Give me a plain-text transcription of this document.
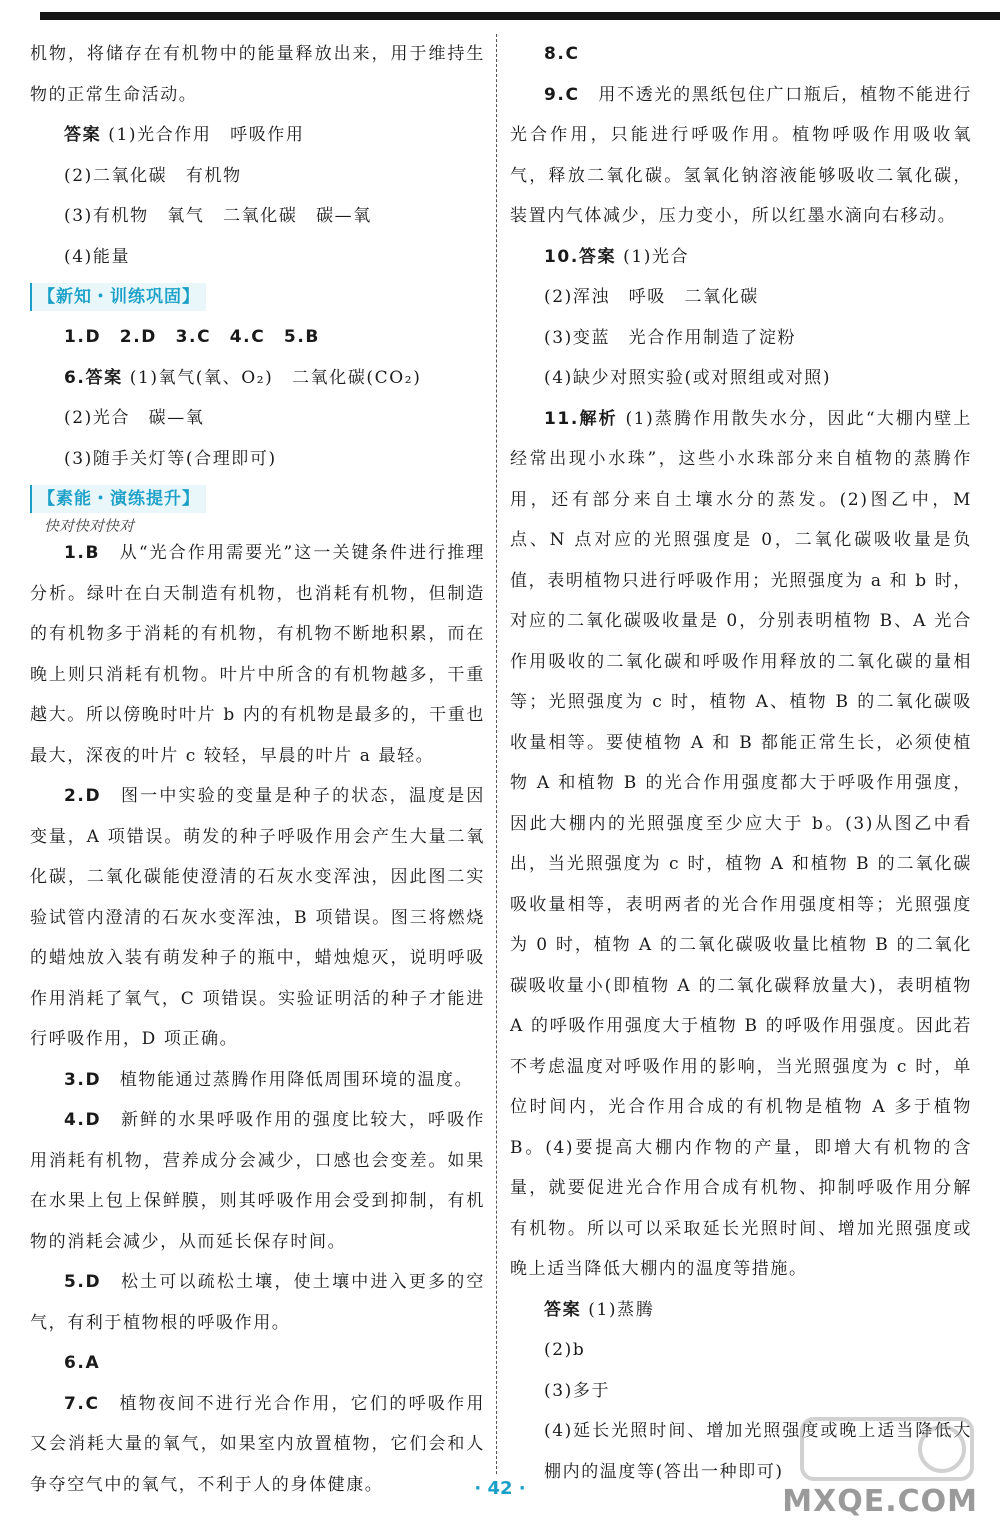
机物，将储存在有机物中的能量释放出来，用于维持生物的正常生命活动。

答案 (1)光合作用　呼吸作用

(2)二氧化碳　有机物

(3)有机物　氧气　二氧化碳　碳—氧

(4)能量

【新知・训练巩固】

1.D　2.D　3.C　4.C　5.B

6.答案 (1)氧气(氧、O₂)　二氧化碳(CO₂)

(2)光合　碳—氧

(3)随手关灯等(合理即可)

【素能・演练提升】
快对快对快对

1.B　 从“光合作用需要光”这一关键条件进行推理分析。绿叶在白天制造有机物，也消耗有机物，但制造的有机物多于消耗的有机物，有机物不断地积累，而在晚上则只消耗有机物。叶片中所含的有机物越多，干重越大。所以傍晚时叶片 b 内的有机物是最多的，干重也最大，深夜的叶片 c 较轻，早晨的叶片 a 最轻。

2.D　 图一中实验的变量是种子的状态，温度是因变量，A 项错误。萌发的种子呼吸作用会产生大量二氧化碳，二氧化碳能使澄清的石灰水变浑浊，因此图二实验试管内澄清的石灰水变浑浊，B 项错误。图三将燃烧的蜡烛放入装有萌发种子的瓶中，蜡烛熄灭，说明呼吸作用消耗了氧气，C 项错误。实验证明活的种子才能进行呼吸作用，D 项正确。

3.D　 植物能通过蒸腾作用降低周围环境的温度。

4.D　 新鲜的水果呼吸作用的强度比较大，呼吸作用消耗有机物，营养成分会减少，口感也会变差。如果在水果上包上保鲜膜，则其呼吸作用会受到抑制，有机物的消耗会减少，从而延长保存时间。

5.D　 松土可以疏松土壤，使土壤中进入更多的空气，有利于植物根的呼吸作用。

6.A

7.C　 植物夜间不进行光合作用，它们的呼吸作用又会消耗大量的氧气，如果室内放置植物，它们会和人争夺空气中的氧气，不利于人的身体健康。

8.C

9.C　 用不透光的黑纸包住广口瓶后，植物不能进行光合作用，只能进行呼吸作用。植物呼吸作用吸收氧气，释放二氧化碳。氢氧化钠溶液能够吸收二氧化碳，装置内气体减少，压力变小，所以红墨水滴向右移动。

10.答案 (1)光合

(2)浑浊　呼吸　二氧化碳

(3)变蓝　光合作用制造了淀粉

(4)缺少对照实验(或对照组或对照)

11.解析 (1)蒸腾作用散失水分，因此“大棚内壁上经常出现小水珠”，这些小水珠部分来自植物的蒸腾作用，还有部分来自土壤水分的蒸发。(2)图乙中，M 点、N 点对应的光照强度是 0，二氧化碳吸收量是负值，表明植物只进行呼吸作用；光照强度为 a 和 b 时，对应的二氧化碳吸收量是 0，分别表明植物 B、A 光合作用吸收的二氧化碳和呼吸作用释放的二氧化碳的量相等；光照强度为 c 时，植物 A、植物 B 的二氧化碳吸收量相等。要使植物 A 和 B 都能正常生长，必须使植物 A 和植物 B 的光合作用强度都大于呼吸作用强度，因此大棚内的光照强度至少应大于 b。(3)从图乙中看出，当光照强度为 c 时，植物 A 和植物 B 的二氧化碳吸收量相等，表明两者的光合作用强度相等；光照强度为 0 时，植物 A 的二氧化碳吸收量比植物 B 的二氧化碳吸收量小(即植物 A 的二氧化碳释放量大)，表明植物 A 的呼吸作用强度大于植物 B 的呼吸作用强度。因此若不考虑温度对呼吸作用的影响，当光照强度为 c 时，单位时间内，光合作用合成的有机物是植物 A 多于植物 B。(4)要提高大棚内作物的产量，即增大有机物的含量，就要促进光合作用合成有机物、抑制呼吸作用分解有机物。所以可以采取延长光照时间、增加光照强度或晚上适当降低大棚内的温度等措施。

答案 (1)蒸腾

(2)b

(3)多于

(4)延长光照时间、增加光照强度或晚上适当降低大棚内的温度等(答出一种即可)

· 42 ·	MXQE.COM
